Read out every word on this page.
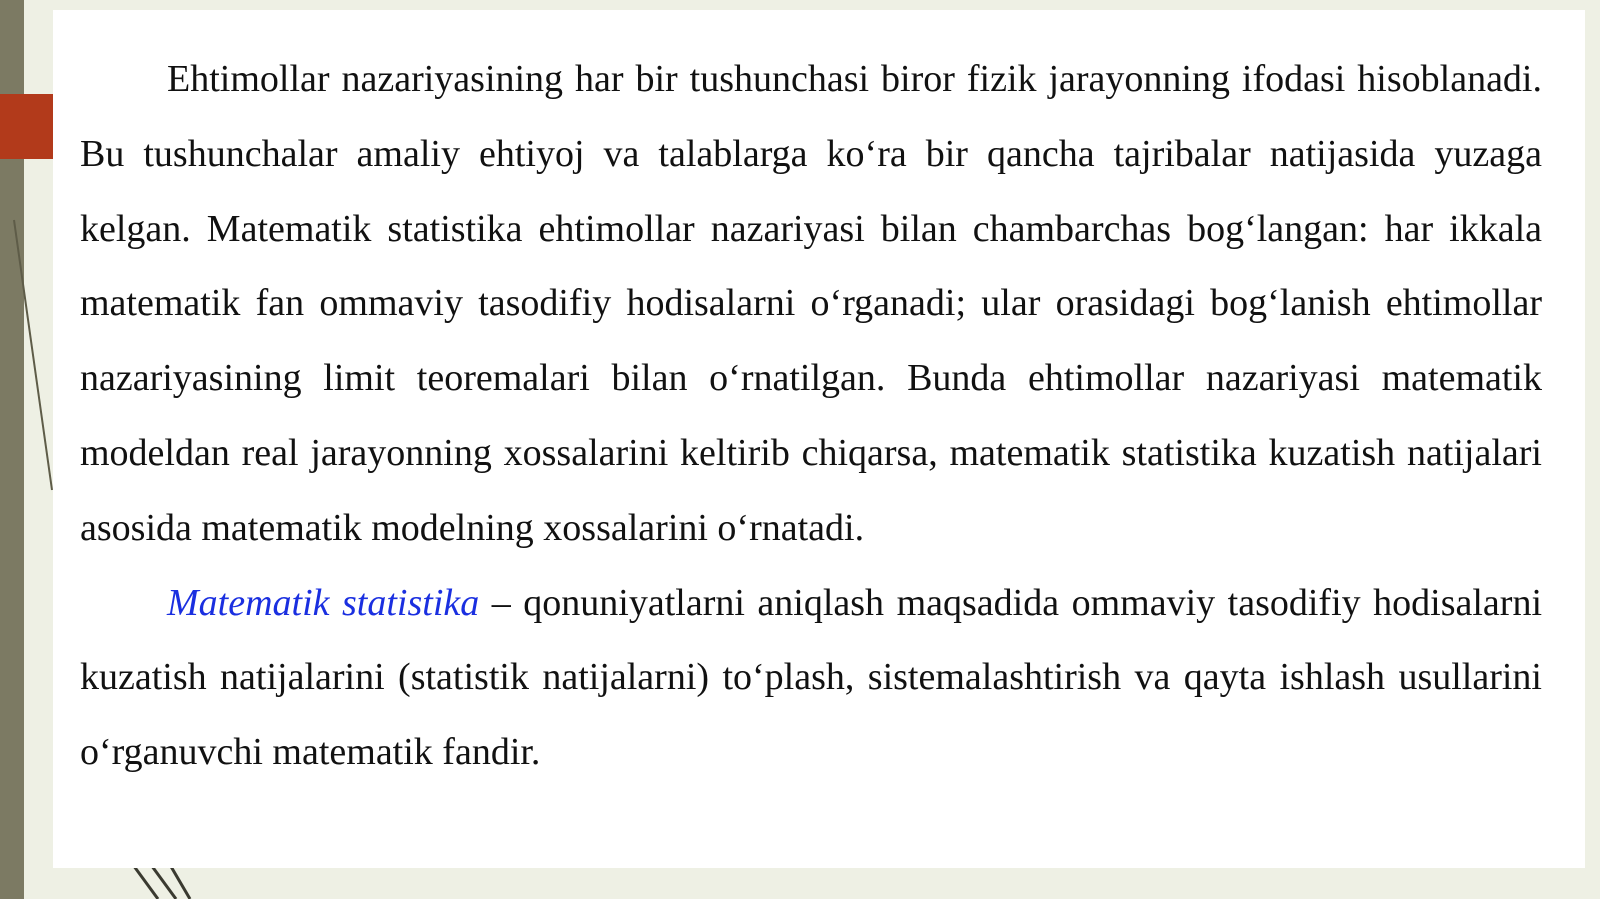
Ehtimollar nazariyasining har bir tushunchasi biror fizik jarayonning ifodasi hisoblanadi. Bu tushunchalar amaliy ehtiyoj va talablarga ko‘ra bir qancha tajribalar natijasida yuzaga kelgan. Matematik statistika ehtimollar nazariyasi bilan chambarchas bog‘langan: har ikkala matematik fan ommaviy tasodifiy hodisalarni o‘rganadi; ular orasidagi bog‘lanish ehtimollar nazariyasining limit teoremalari bilan o‘rnatilgan. Bunda ehtimollar nazariyasi matematik modeldan real jarayonning xossalarini keltirib chiqarsa, matematik statistika kuzatish natijalari asosida matematik modelning xossalarini o‘rnatadi.

Matematik statistika – qonuniyatlarni aniqlash maqsadida ommaviy tasodifiy hodisalarni kuzatish natijalarini (statistik natijalarni) to‘plash, sistemalashtirish va qayta ishlash usullarini o‘rganuvchi matematik fandir.
